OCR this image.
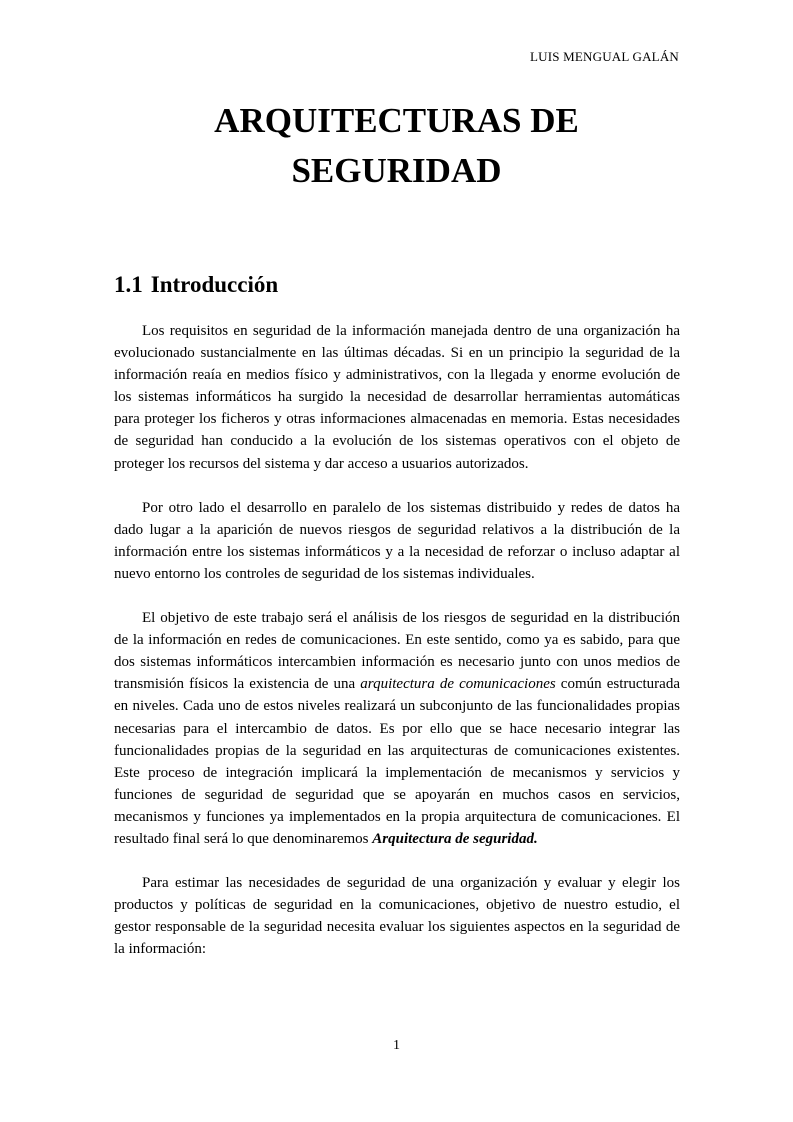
LUIS MENGUAL GALÁN
ARQUITECTURAS DE
SEGURIDAD
1.1 Introducción

Los requisitos en seguridad de la información manejada dentro de una organización ha evolucionado sustancialmente en las últimas décadas. Si en un principio la seguridad de la información reaía en medios físico y administrativos, con la llegada y enorme evolución de los sistemas informáticos ha surgido la necesidad de desarrollar herramientas automáticas para proteger los ficheros y otras informaciones almacenadas en memoria. Estas necesidades de seguridad han conducido a la evolución de los sistemas operativos con el objeto de proteger los recursos del sistema y dar acceso a usuarios autorizados.

Por otro lado el desarrollo en paralelo de los sistemas distribuido y redes de datos ha dado lugar a la aparición de nuevos riesgos de seguridad relativos a la distribución de la información entre los sistemas informáticos y a la necesidad de reforzar o incluso adaptar al nuevo entorno los controles de seguridad de los sistemas individuales.

El objetivo de este trabajo será el análisis de los riesgos de seguridad en la distribución de la información en redes de comunicaciones. En este sentido, como ya es sabido, para que dos sistemas informáticos intercambien información es necesario junto con unos medios de transmisión físicos la existencia de una arquitectura de comunicaciones común estructurada en niveles. Cada uno de estos niveles realizará un subconjunto de las funcionalidades propias necesarias para el intercambio de datos. Es por ello que se hace necesario integrar las funcionalidades propias de la seguridad en las arquitecturas de comunicaciones existentes. Este proceso de integración implicará la implementación de mecanismos y servicios y funciones de seguridad de seguridad que se apoyarán en muchos casos en servicios, mecanismos y funciones ya implementados en la propia arquitectura de comunicaciones. El resultado final será lo que denominaremos Arquitectura de seguridad.

Para estimar las necesidades de seguridad de una organización y evaluar y elegir los productos y políticas de seguridad en la comunicaciones, objetivo de nuestro estudio, el gestor responsable de la seguridad necesita evaluar los siguientes aspectos en la seguridad de la información:

1
